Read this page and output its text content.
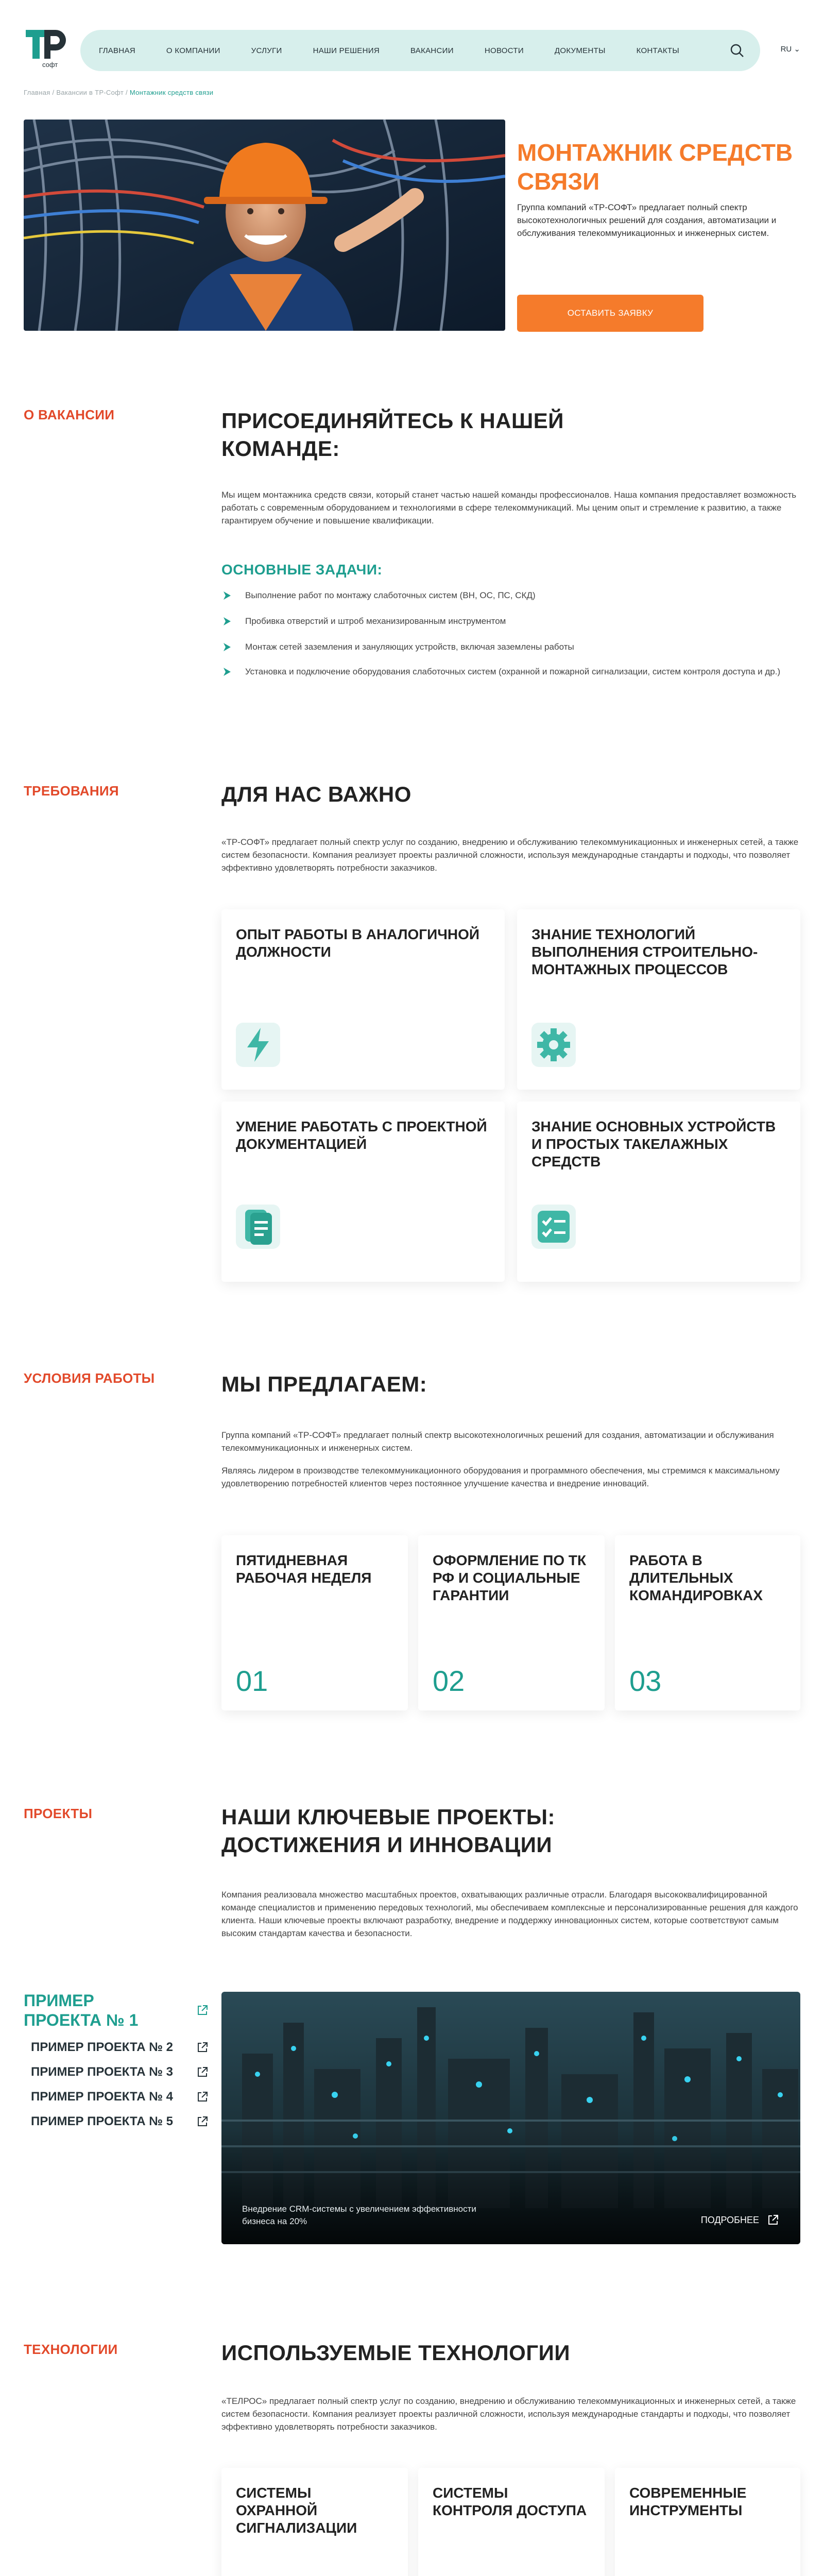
софт
ГЛАВНАЯ	О КОМПАНИИ	УСЛУГИ	НАШИ РЕШЕНИЯ	ВАКАНСИИ	НОВОСТИ	ДОКУМЕНТЫ	КОНТАКТЫ	RU ⌄
Главная / Вакансии в ТР-Софт / Монтажник средств связи
МОНТАЖНИК СРЕДСТВ СВЯЗИ
Группа компаний «ТР-СОФТ» предлагает полный спектр высокотехнологичных решений для создания, автоматизации и обслуживания телекоммуникационных и инженерных систем.
ОСТАВИТЬ ЗАЯВКУ
О ВАКАНСИИ	ПРИСОЕДИНЯЙТЕСЬ К НАШЕЙ КОМАНДЕ:
Мы ищем монтажника средств связи, который станет частью нашей команды профессионалов. Наша компания предоставляет возможность работать с современным оборудованием и технологиями в сфере телекоммуникаций. Мы ценим опыт и стремление к развитию, а также гарантируем обучение и повышение квалификации.
ОСНОВНЫЕ ЗАДАЧИ:
Выполнение работ по монтажу слаботочных систем (ВН, ОС, ПС, СКД)
Пробивка отверстий и штроб механизированным инструментом
Монтаж сетей заземления и зануляющих устройств, включая заземлены работы
Установка и подключение оборудования слаботочных систем (охранной и пожарной сигнализации, систем контроля доступа и др.)
ТРЕБОВАНИЯ	ДЛЯ НАС ВАЖНО
«ТР-СОФТ» предлагает полный спектр услуг по созданию, внедрению и обслуживанию телекоммуникационных и инженерных сетей, а также систем безопасности. Компания реализует проекты различной сложности, используя международные стандарты и подходы, что позволяет эффективно удовлетворять потребности заказчиков.
ОПЫТ РАБОТЫ В АНАЛОГИЧНОЙ ДОЛЖНОСТИ
ЗНАНИЕ ТЕХНОЛОГИЙ ВЫПОЛНЕНИЯ СТРОИТЕЛЬНО-МОНТАЖНЫХ ПРОЦЕССОВ
УМЕНИЕ РАБОТАТЬ С ПРОЕКТНОЙ ДОКУМЕНТАЦИЕЙ
ЗНАНИЕ ОСНОВНЫХ УСТРОЙСТВ И ПРОСТЫХ ТАКЕЛАЖНЫХ СРЕДСТВ
УСЛОВИЯ РАБОТЫ	МЫ ПРЕДЛАГАЕМ:
Группа компаний «ТР-СОФТ» предлагает полный спектр высокотехнологичных решений для создания, автоматизации и обслуживания телекоммуникационных и инженерных систем.
Являясь лидером в производстве телекоммуникационного оборудования и программного обеспечения, мы стремимся к максимальному удовлетворению потребностей клиентов через постоянное улучшение качества и внедрение инноваций.
ПЯТИДНЕВНАЯ РАБОЧАЯ НЕДЕЛЯ
01
ОФОРМЛЕНИЕ ПО ТК РФ И СОЦИАЛЬНЫЕ ГАРАНТИИ
02
РАБОТА В ДЛИТЕЛЬНЫХ КОМАНДИРОВКАХ
03
ПРОЕКТЫ	НАШИ КЛЮЧЕВЫЕ ПРОЕКТЫ: ДОСТИЖЕНИЯ И ИННОВАЦИИ
Компания реализовала множество масштабных проектов, охватывающих различные отрасли. Благодаря высококвалифицированной команде специалистов и применению передовых технологий, мы обеспечиваем комплексные и персонализированные решения для каждого клиента. Наши ключевые проекты включают разработку, внедрение и поддержку инновационных систем, которые соответствуют самым высоким стандартам качества и безопасности.
ПРИМЕР ПРОЕКТА № 1
ПРИМЕР ПРОЕКТА № 2
ПРИМЕР ПРОЕКТА № 3
ПРИМЕР ПРОЕКТА № 4
ПРИМЕР ПРОЕКТА № 5
Внедрение CRM-системы с увеличением эффективности
бизнеса на 20%	ПОДРОБНЕЕ
ТЕХНОЛОГИИ	ИСПОЛЬЗУЕМЫЕ ТЕХНОЛОГИИ
«ТЕЛРОС» предлагает полный спектр услуг по созданию, внедрению и обслуживанию телекоммуникационных и инженерных сетей, а также систем безопасности. Компания реализует проекты различной сложности, используя международные стандарты и подходы, что позволяет эффективно удовлетворять потребности заказчиков.
СИСТЕМЫ ОХРАННОЙ СИГНАЛИЗАЦИИ
СИСТЕМЫ КОНТРОЛЯ ДОСТУПА
СОВРЕМЕННЫЕ ИНСТРУМЕНТЫ
